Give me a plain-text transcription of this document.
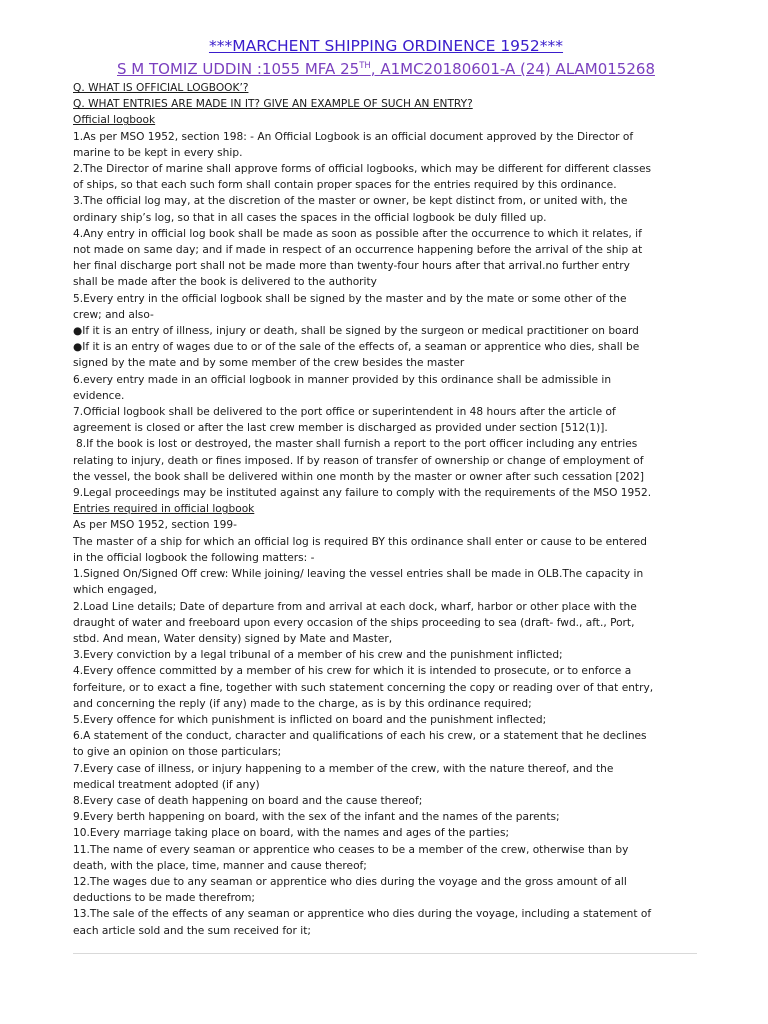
***MARCHENT SHIPPING ORDINENCE 1952***

S M TOMIZ UDDIN :1055 MFA 25TH, A1MC20180601-A (24) ALAM015268

Q. WHAT IS OFFICIAL LOGBOOK’?

Q. WHAT ENTRIES ARE MADE IN IT? GIVE AN EXAMPLE OF SUCH AN ENTRY?

Official logbook

1.As per MSO 1952, section 198: - An Official Logbook is an official document approved by the Director of

marine to be kept in every ship.

2.The Director of marine shall approve forms of official logbooks, which may be different for different classes

of ships, so that each such form shall contain proper spaces for the entries required by this ordinance.

3.The official log may, at the discretion of the master or owner, be kept distinct from, or united with, the

ordinary ship’s log, so that in all cases the spaces in the official logbook be duly filled up.

4.Any entry in official log book shall be made as soon as possible after the occurrence to which it relates, if

not made on same day; and if made in respect of an occurrence happening before the arrival of the ship at

her final discharge port shall not be made more than twenty-four hours after that arrival.no further entry

shall be made after the book is delivered to the authority

5.Every entry in the official logbook shall be signed by the master and by the mate or some other of the

crew; and also-

●If it is an entry of illness, injury or death, shall be signed by the surgeon or medical practitioner on board

●If it is an entry of wages due to or of the sale of the effects of, a seaman or apprentice who dies, shall be

signed by the mate and by some member of the crew besides the master

6.every entry made in an official logbook in manner provided by this ordinance shall be admissible in

evidence.

7.Official logbook shall be delivered to the port office or superintendent in 48 hours after the article of

agreement is closed or after the last crew member is discharged as provided under section [512(1)].

8.If the book is lost or destroyed, the master shall furnish a report to the port officer including any entries

relating to injury, death or fines imposed. If by reason of transfer of ownership or change of employment of

the vessel, the book shall be delivered within one month by the master or owner after such cessation [202]

9.Legal proceedings may be instituted against any failure to comply with the requirements of the MSO 1952.

Entries required in official logbook

As per MSO 1952, section 199-

The master of a ship for which an official log is required BY this ordinance shall enter or cause to be entered

in the official logbook the following matters: -

1.Signed On/Signed Off crew: While joining/ leaving the vessel entries shall be made in OLB.The capacity in

which engaged,

2.Load Line details; Date of departure from and arrival at each dock, wharf, harbor or other place with the

draught of water and freeboard upon every occasion of the ships proceeding to sea (draft- fwd., aft., Port,

stbd. And mean, Water density) signed by Mate and Master,

3.Every conviction by a legal tribunal of a member of his crew and the punishment inflicted;

4.Every offence committed by a member of his crew for which it is intended to prosecute, or to enforce a

forfeiture, or to exact a fine, together with such statement concerning the copy or reading over of that entry,

and concerning the reply (if any) made to the charge, as is by this ordinance required;

5.Every offence for which punishment is inflicted on board and the punishment inflected;

6.A statement of the conduct, character and qualifications of each his crew, or a statement that he declines

to give an opinion on those particulars;

7.Every case of illness, or injury happening to a member of the crew, with the nature thereof, and the

medical treatment adopted (if any)

8.Every case of death happening on board and the cause thereof;

9.Every berth happening on board, with the sex of the infant and the names of the parents;

10.Every marriage taking place on board, with the names and ages of the parties;

11.The name of every seaman or apprentice who ceases to be a member of the crew, otherwise than by

death, with the place, time, manner and cause thereof;

12.The wages due to any seaman or apprentice who dies during the voyage and the gross amount of all

deductions to be made therefrom;

13.The sale of the effects of any seaman or apprentice who dies during the voyage, including a statement of

each article sold and the sum received for it;
